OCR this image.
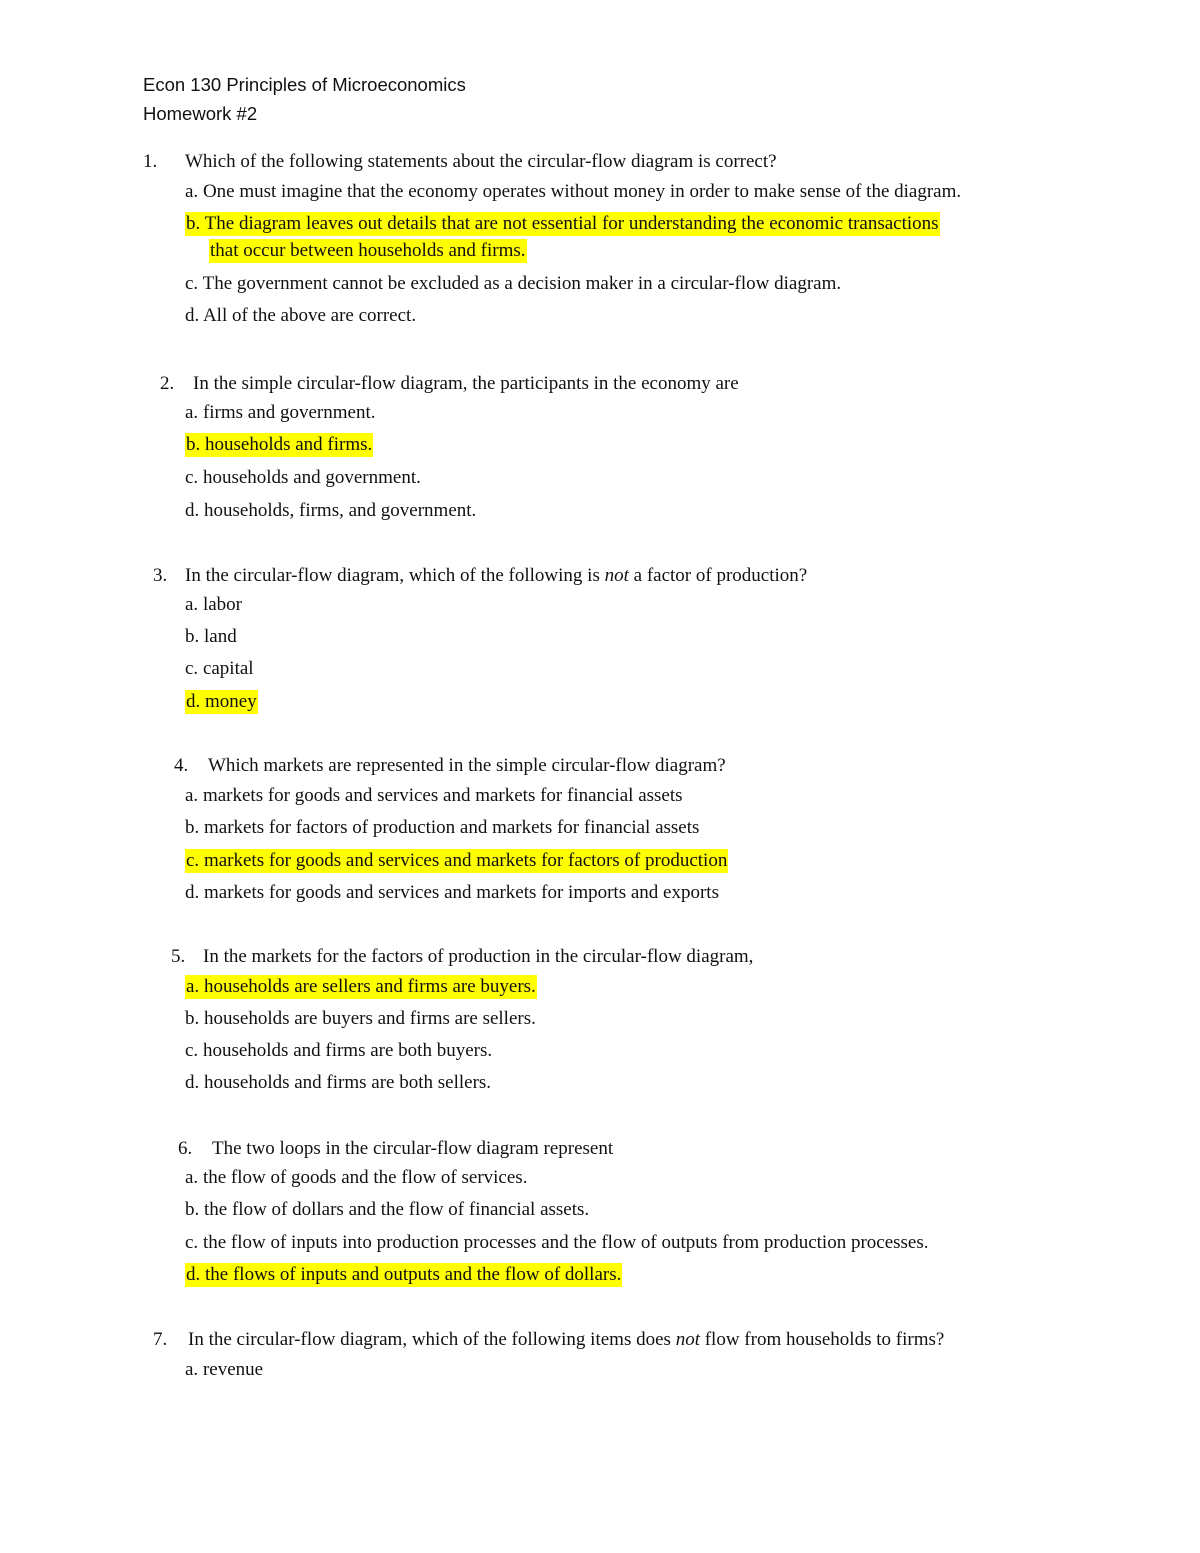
Econ 130 Principles of Microeconomics
Homework #2
1. Which of the following statements about the circular-flow diagram is correct?
a. One must imagine that the economy operates without money in order to make sense of the diagram.
b. The diagram leaves out details that are not essential for understanding the economic transactions
that occur between households and firms.
c. The government cannot be excluded as a decision maker in a circular-flow diagram.
d. All of the above are correct.
2. In the simple circular-flow diagram, the participants in the economy are
a. firms and government.
b. households and firms.
c. households and government.
d. households, firms, and government.
3. In the circular-flow diagram, which of the following is not a factor of production?
a. labor
b. land
c. capital
d. money
4. Which markets are represented in the simple circular-flow diagram?
a. markets for goods and services and markets for financial assets
b. markets for factors of production and markets for financial assets
c. markets for goods and services and markets for factors of production
d. markets for goods and services and markets for imports and exports
5. In the markets for the factors of production in the circular-flow diagram,
a. households are sellers and firms are buyers.
b. households are buyers and firms are sellers.
c. households and firms are both buyers.
d. households and firms are both sellers.
6. The two loops in the circular-flow diagram represent
a. the flow of goods and the flow of services.
b. the flow of dollars and the flow of financial assets.
c. the flow of inputs into production processes and the flow of outputs from production processes.
d. the flows of inputs and outputs and the flow of dollars.
7. In the circular-flow diagram, which of the following items does not flow from households to firms?
a. revenue
